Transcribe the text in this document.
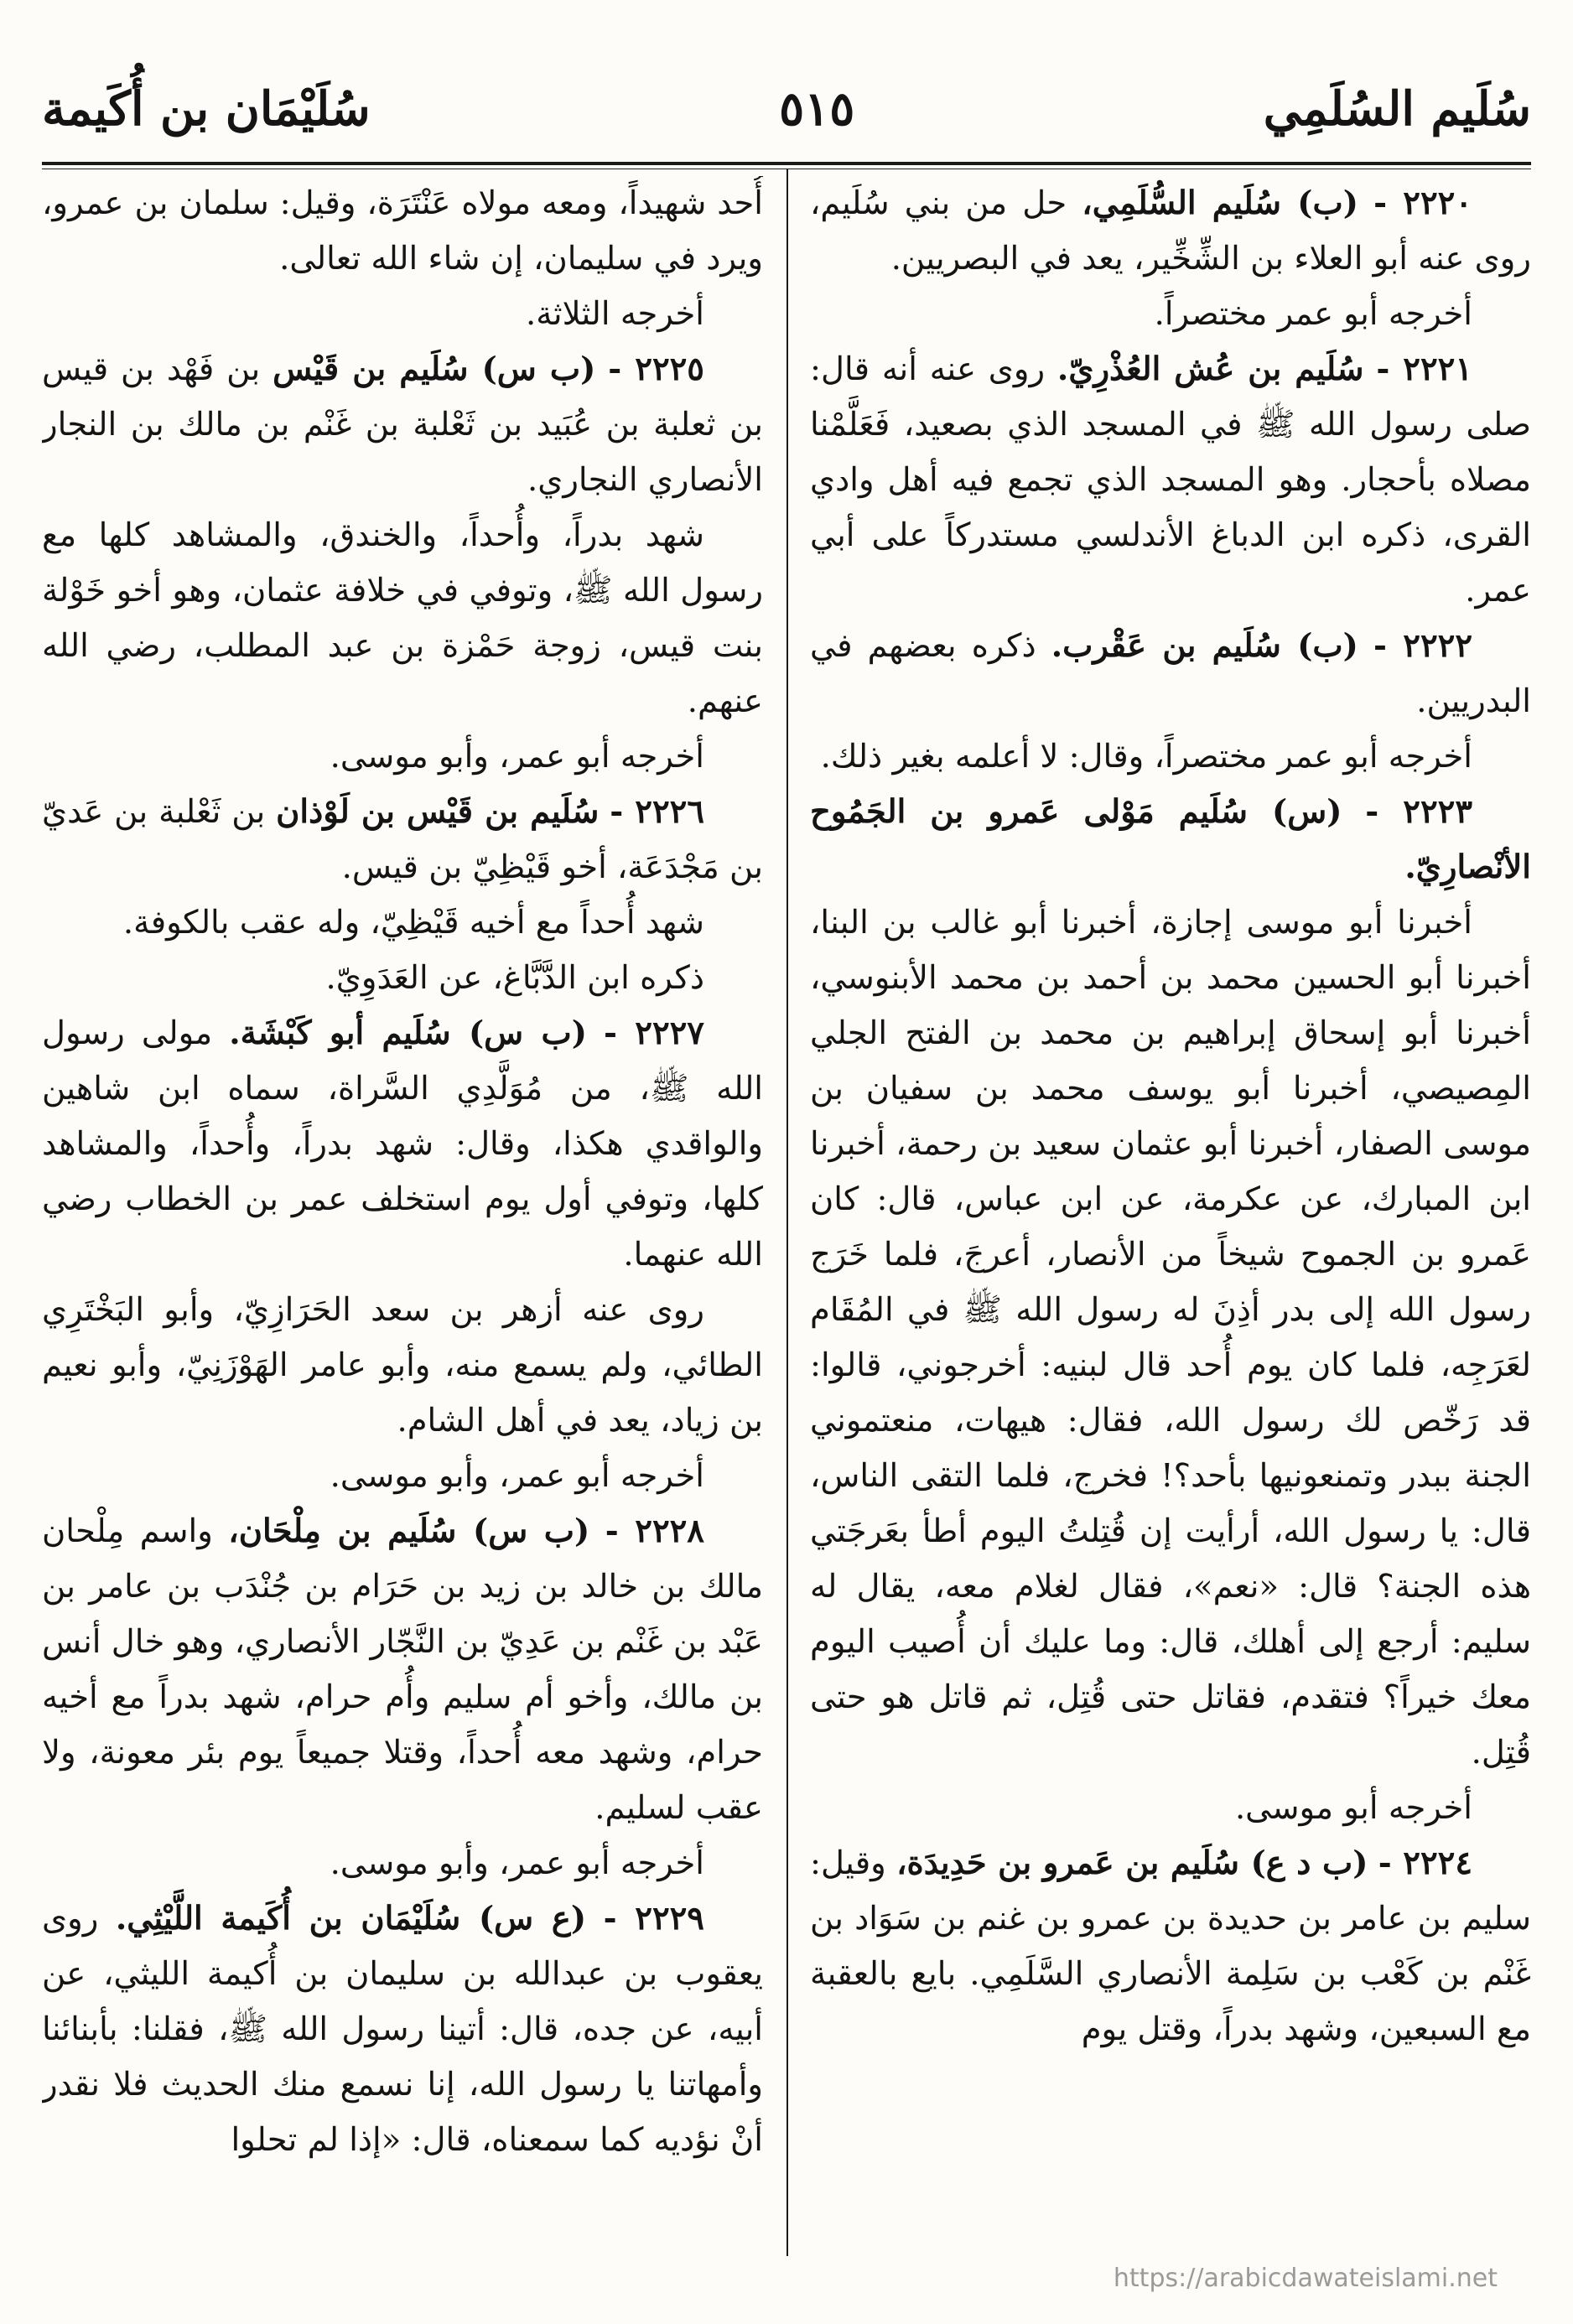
سُلَيم السُلَمِي
٥١٥
سُلَيْمَان بن أُكَيمة

٢٢٢٠ - (ب) سُلَيم السُّلَمِي، حل من بني سُلَيم، روى عنه أبو العلاء بن الشِّخِّير، يعد في البصريين.

أخرجه أبو عمر مختصراً.

٢٢٢١ - سُلَيم بن عُش العُذْرِيّ. روى عنه أنه قال: صلى رسول الله ﷺ في المسجد الذي بصعيد، فَعَلَّمْنا مصلاه بأحجار. وهو المسجد الذي تجمع فيه أهل وادي القرى، ذكره ابن الدباغ الأندلسي مستدركاً على أبي عمر.

٢٢٢٢ - (ب) سُلَيم بن عَقْرب. ذكره بعضهم في البدريين.

أخرجه أبو عمر مختصراً، وقال: لا أعلمه بغير ذلك.

٢٢٢٣ - (س) سُلَيم مَوْلى عَمرو بن الجَمُوح الأنْصارِيّ.

أخبرنا أبو موسى إجازة، أخبرنا أبو غالب بن البنا، أخبرنا أبو الحسين محمد بن أحمد بن محمد الأبنوسي، أخبرنا أبو إسحاق إبراهيم بن محمد بن الفتح الجلي المِصيصي، أخبرنا أبو يوسف محمد بن سفيان بن موسى الصفار، أخبرنا أبو عثمان سعيد بن رحمة، أخبرنا ابن المبارك، عن عكرمة، عن ابن عباس، قال: كان عَمرو بن الجموح شيخاً من الأنصار، أعرجَ، فلما خَرَج رسول الله إلى بدر أذِنَ له رسول الله ﷺ في المُقَام لعَرَجِه، فلما كان يوم أُحد قال لبنيه: أخرجوني، قالوا: قد رَخّص لك رسول الله، فقال: هيهات، منعتموني الجنة ببدر وتمنعونيها بأحد؟! فخرج، فلما التقى الناس، قال: يا رسول الله، أرأيت إن قُتِلتُ اليوم أطأ بعَرجَتي هذه الجنة؟ قال: «نعم»، فقال لغلام معه، يقال له سليم: أرجع إلى أهلك، قال: وما عليك أن أُصيب اليوم معك خيراً؟ فتقدم، فقاتل حتى قُتِل، ثم قاتل هو حتى قُتِل.

أخرجه أبو موسى.

٢٢٢٤ - (ب د ع) سُلَيم بن عَمرو بن حَدِيدَة، وقيل: سليم بن عامر بن حديدة بن عمرو بن غنم بن سَوَاد بن غَنْم بن كَعْب بن سَلِمة الأنصاري السَّلَمِي. بايع بالعقبة مع السبعين، وشهد بدراً، وقتل يوم

أُحد شهيداً، ومعه مولاه عَنْتَرَة، وقيل: سلمان بن عمرو، ويرد في سليمان، إن شاء الله تعالى.

أخرجه الثلاثة.

٢٢٢٥ - (ب س) سُلَيم بن قَيْس بن فَهْد بن قيس بن ثعلبة بن عُبَيد بن ثَعْلبة بن غَنْم بن مالك بن النجار الأنصاري النجاري.

شهد بدراً، وأُحداً، والخندق، والمشاهد كلها مع رسول الله ﷺ، وتوفي في خلافة عثمان، وهو أخو خَوْلة بنت قيس، زوجة حَمْزة بن عبد المطلب، رضي الله عنهم.

أخرجه أبو عمر، وأبو موسى.

٢٢٢٦ - سُلَيم بن قَيْس بن لَوْذان بن ثَعْلبة بن عَديّ بن مَجْدَعَة، أخو قَيْظِيّ بن قيس.

شهد أُحداً مع أخيه قَيْظِيّ، وله عقب بالكوفة.

ذكره ابن الدَّبَّاغ، عن العَدَوِيّ.

٢٢٢٧ - (ب س) سُلَيم أبو كَبْشَة. مولى رسول الله ﷺ، من مُوَلَّدِي السَّراة، سماه ابن شاهين والواقدي هكذا، وقال: شهد بدراً، وأُحداً، والمشاهد كلها، وتوفي أول يوم استخلف عمر بن الخطاب رضي الله عنهما.

روى عنه أزهر بن سعد الحَرَازِيّ، وأبو البَخْتَرِي الطائي، ولم يسمع منه، وأبو عامر الهَوْزَنِيّ، وأبو نعيم بن زياد، يعد في أهل الشام.

أخرجه أبو عمر، وأبو موسى.

٢٢٢٨ - (ب س) سُلَيم بن مِلْحَان، واسم مِلْحان مالك بن خالد بن زيد بن حَرَام بن جُنْدَب بن عامر بن عَبْد بن غَنْم بن عَدِيّ بن النَّجّار الأنصاري، وهو خال أنس بن مالك، وأخو أم سليم وأُم حرام، شهد بدراً مع أخيه حرام، وشهد معه أُحداً، وقتلا جميعاً يوم بئر معونة، ولا عقب لسليم.

أخرجه أبو عمر، وأبو موسى.

٢٢٢٩ - (ع س) سُلَيْمَان بن أُكَيمة اللَّيْثِي. روى يعقوب بن عبدالله بن سليمان بن أُكيمة الليثي، عن أبيه، عن جده، قال: أتينا رسول الله ﷺ، فقلنا: بأبنائنا وأمهاتنا يا رسول الله، إنا نسمع منك الحديث فلا نقدر أنْ نؤديه كما سمعناه، قال: «إذا لم تحلوا

https://arabicdawateislami.net
